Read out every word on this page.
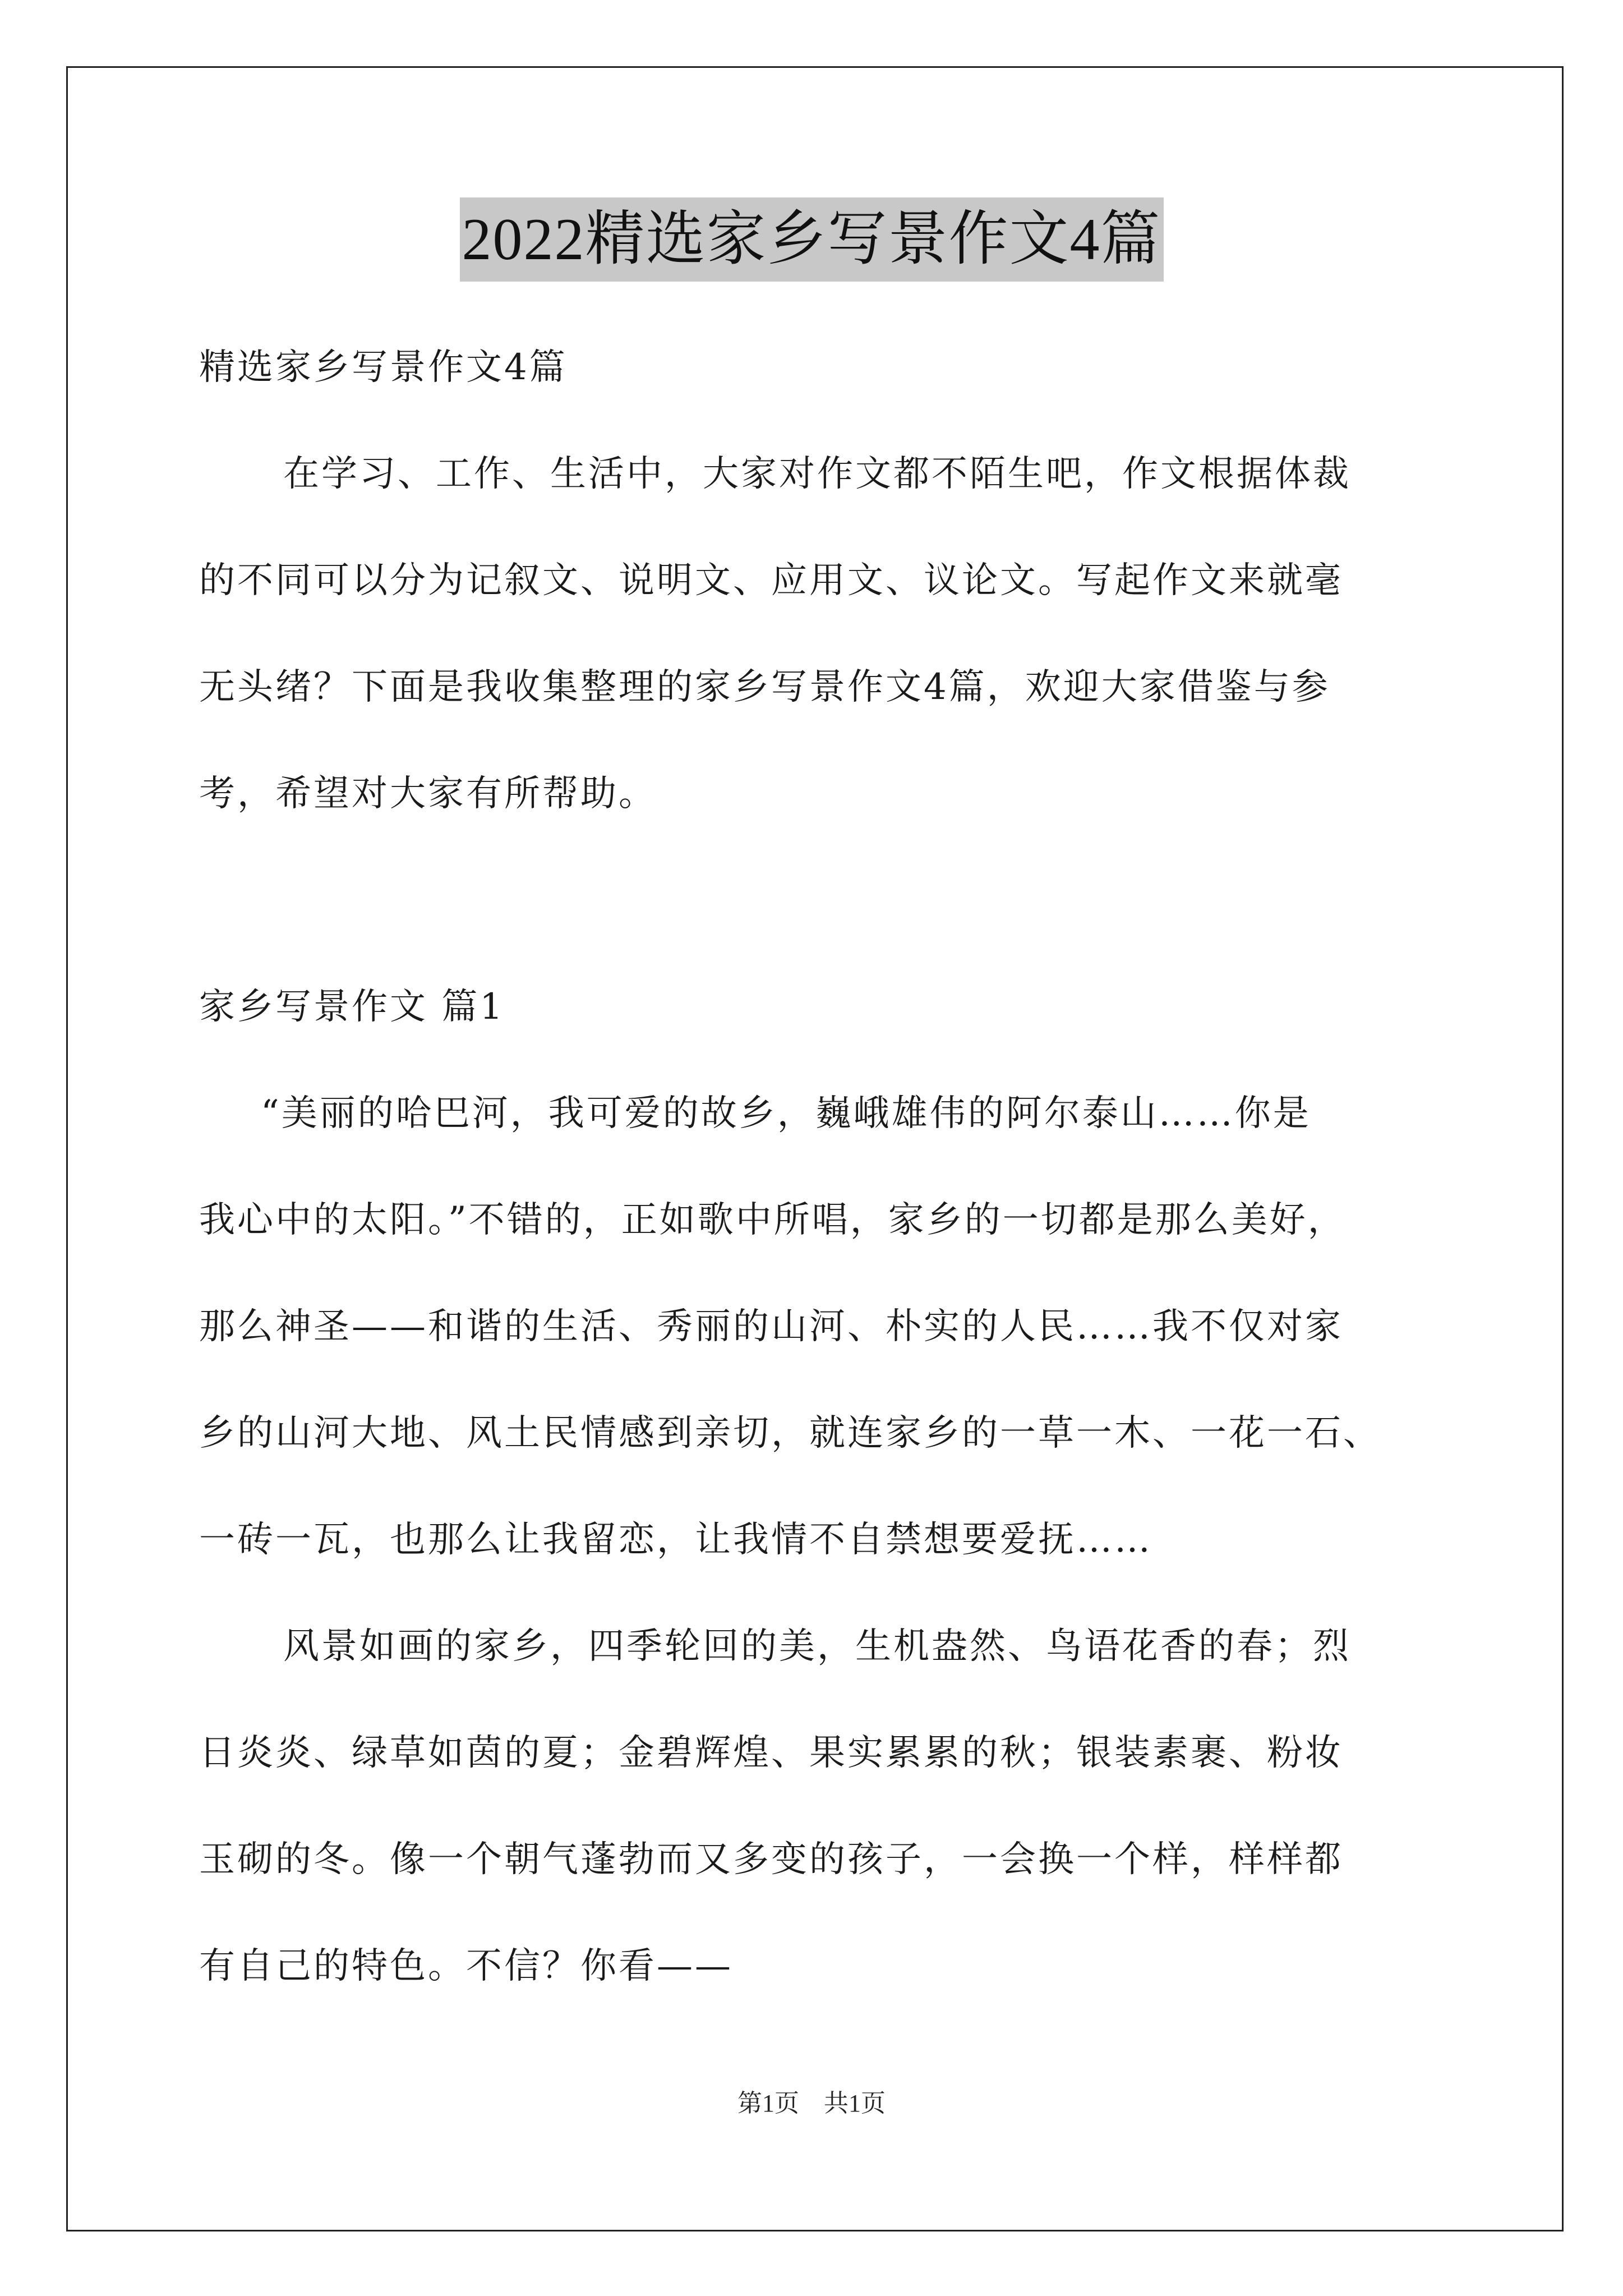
2022精选家乡写景作文4篇
精选家乡写景作文4篇
在学习、工作、生活中，大家对作文都不陌生吧，作文根据体裁
的不同可以分为记叙文、说明文、应用文、议论文。写起作文来就毫
无头绪？下面是我收集整理的家乡写景作文4篇，欢迎大家借鉴与参
考，希望对大家有所帮助。
家乡写景作文 篇1
“美丽的哈巴河，我可爱的故乡，巍峨雄伟的阿尔泰山……你是
我心中的太阳。”不错的，正如歌中所唱，家乡的一切都是那么美好，
那么神圣——和谐的生活、秀丽的山河、朴实的人民……我不仅对家
乡的山河大地、风土民情感到亲切，就连家乡的一草一木、一花一石、
一砖一瓦，也那么让我留恋，让我情不自禁想要爱抚……
风景如画的家乡，四季轮回的美，生机盎然、鸟语花香的春；烈
日炎炎、绿草如茵的夏；金碧辉煌、果实累累的秋；银装素裹、粉妆
玉砌的冬。像一个朝气蓬勃而又多变的孩子，一会换一个样，样样都
有自己的特色。不信？你看——
第1页　共1页
